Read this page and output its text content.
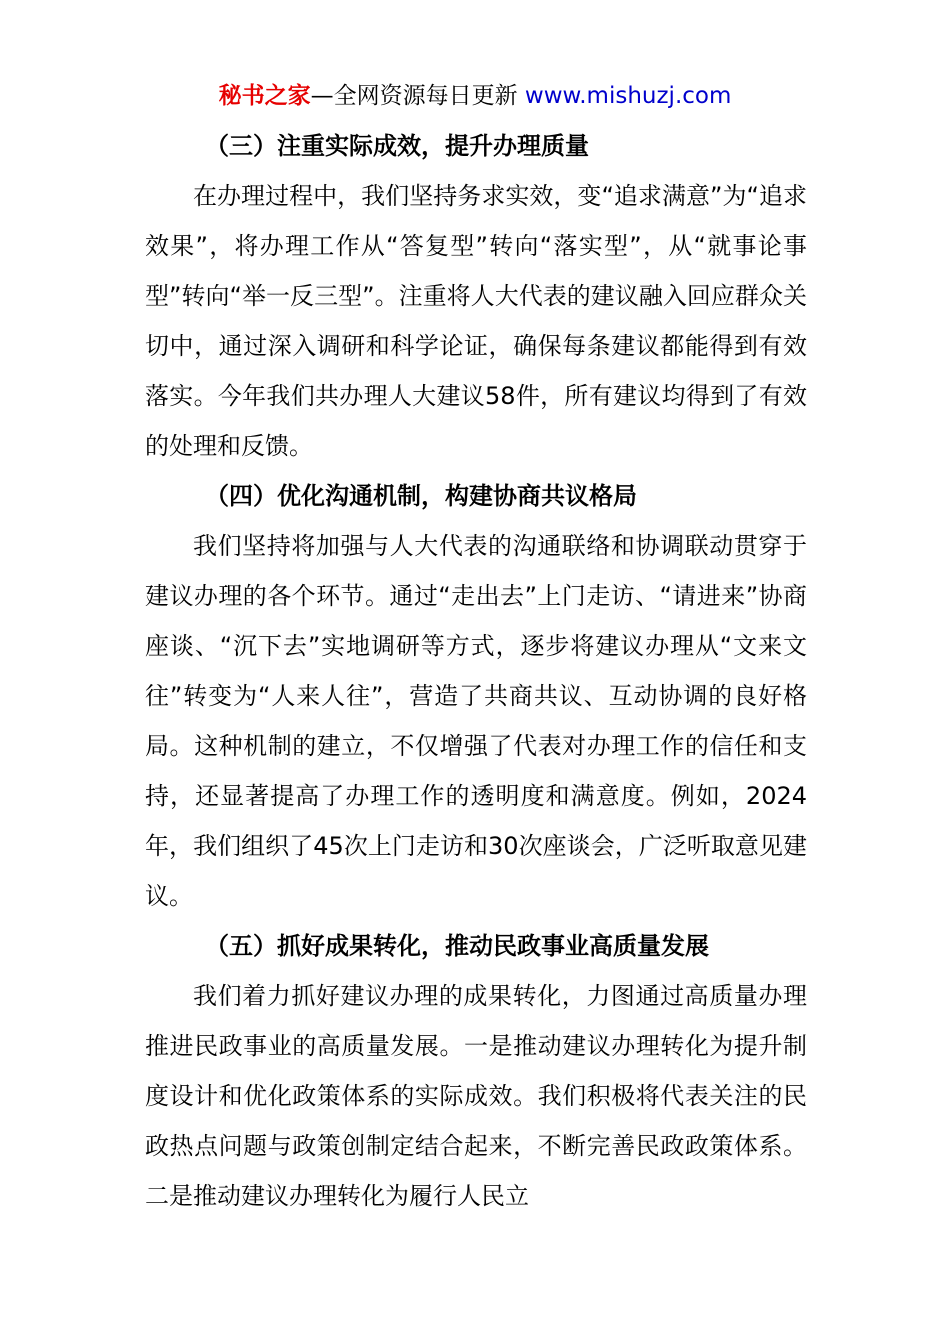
秘书之家—全网资源每日更新 www.mishuzj.com
（三）注重实际成效，提升办理质量

在办理过程中，我们坚持务求实效，变“追求满意”为“追求效果”，将办理工作从“答复型”转向“落实型”，从“就事论事型”转向“举一反三型”。注重将人大代表的建议融入回应群众关切中，通过深入调研和科学论证，确保每条建议都能得到有效落实。今年我们共办理人大建议58件，所有建议均得到了有效的处理和反馈。

（四）优化沟通机制，构建协商共议格局

我们坚持将加强与人大代表的沟通联络和协调联动贯穿于建议办理的各个环节。通过“走出去”上门走访、“请进来”协商座谈、“沉下去”实地调研等方式，逐步将建议办理从“文来文往”转变为“人来人往”，营造了共商共议、互动协调的良好格局。这种机制的建立，不仅增强了代表对办理工作的信任和支持，还显著提高了办理工作的透明度和满意度。例如，2024年，我们组织了45次上门走访和30次座谈会，广泛听取意见建议。

（五）抓好成果转化，推动民政事业高质量发展

我们着力抓好建议办理的成果转化，力图通过高质量办理推进民政事业的高质量发展。一是推动建议办理转化为提升制度设计和优化政策体系的实际成效。我们积极将代表关注的民政热点问题与政策创制定结合起来，不断完善民政政策体系。二是推动建议办理转化为履行人民立
